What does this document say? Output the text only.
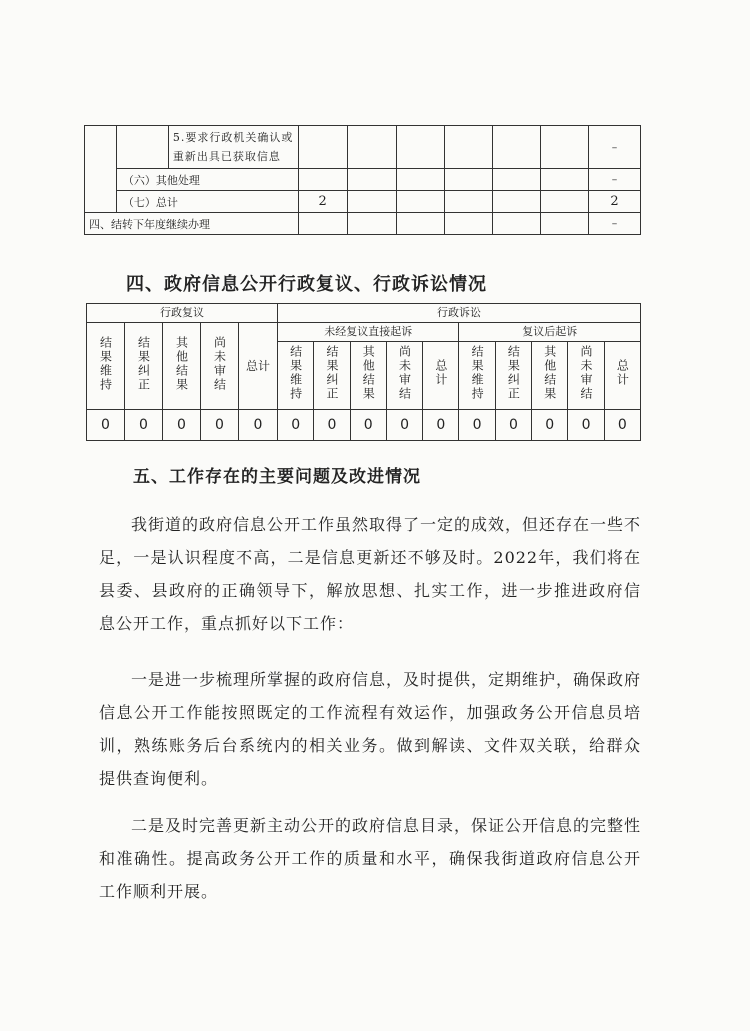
		5.要求行政机关确认或重新出具已获取信息							–
	（六）其他处理								–
	（七）总计		2						2
四、结转下年度继续办理									–
四、政府信息公开行政复议、行政诉讼情况
行政复议					行政诉讼									
结果维持	结果纠正	其他结果	尚未审结	总计	未经复议直接起诉					复议后起诉				
					结果维持	结果纠正	其他结果	尚未审结	总计	结果维持	结果纠正	其他结果	尚未审结	总计
0	0	0	0	0	0	0	0	0	0	0	0	0	0	0
五、工作存在的主要问题及改进情况

我街道的政府信息公开工作虽然取得了一定的成效，但还存在一些不足，一是认识程度不高，二是信息更新还不够及时。2022年，我们将在县委、县政府的正确领导下，解放思想、扎实工作，进一步推进政府信息公开工作，重点抓好以下工作：

一是进一步梳理所掌握的政府信息，及时提供，定期维护，确保政府信息公开工作能按照既定的工作流程有效运作，加强政务公开信息员培训，熟练账务后台系统内的相关业务。做到解读、文件双关联，给群众提供查询便利。

二是及时完善更新主动公开的政府信息目录，保证公开信息的完整性和准确性。提高政务公开工作的质量和水平，确保我街道政府信息公开工作顺利开展。
